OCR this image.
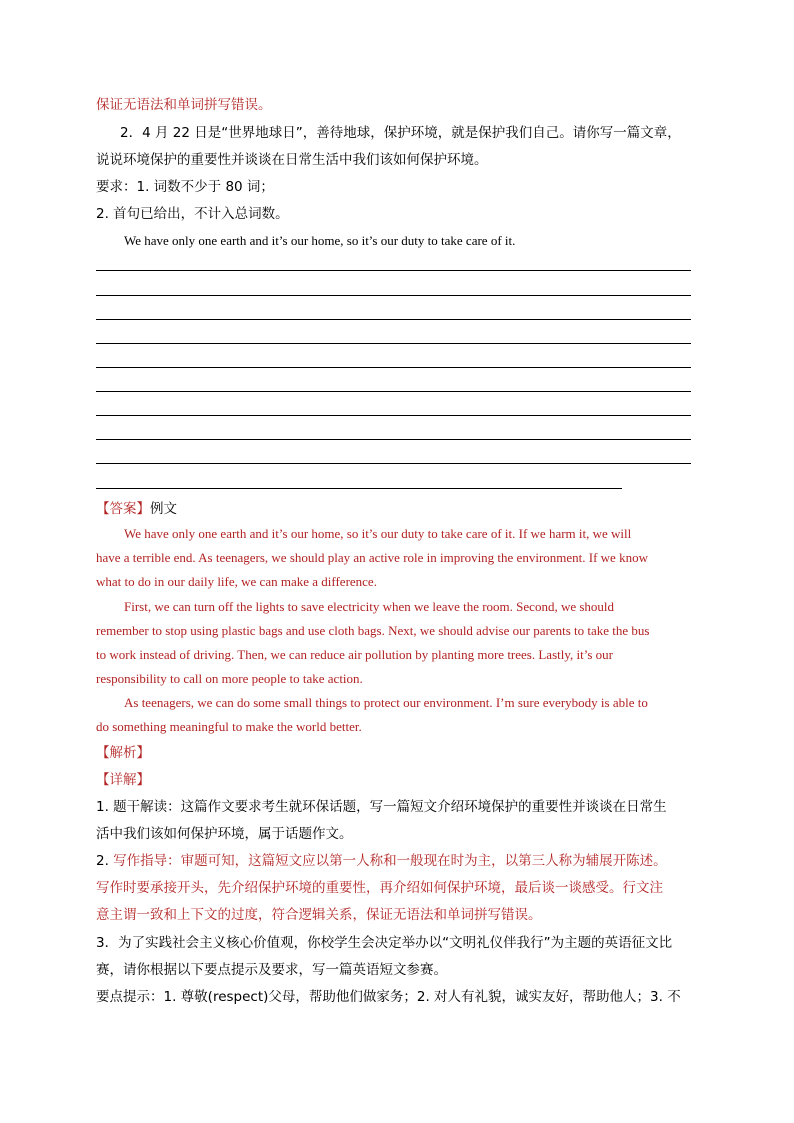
保证无语法和单词拼写错误。
2．4 月 22 日是“世界地球日”，善待地球，保护环境，就是保护我们自己。请你写一篇文章，
说说环境保护的重要性并谈谈在日常生活中我们该如何保护环境。
要求：1. 词数不少于 80 词；
2. 首句已给出，不计入总词数。
We have only one earth and it’s our home, so it’s our duty to take care of it.
【答案】例文
We have only one earth and it’s our home, so it’s our duty to take care of it. If we harm it, we will
have a terrible end. As teenagers, we should play an active role in improving the environment. If we know
what to do in our daily life, we can make a difference.
First, we can turn off the lights to save electricity when we leave the room. Second, we should
remember to stop using plastic bags and use cloth bags. Next, we should advise our parents to take the bus
to work instead of driving. Then, we can reduce air pollution by planting more trees. Lastly, it’s our
responsibility to call on more people to take action.
As teenagers, we can do some small things to protect our environment. I’m sure everybody is able to
do something meaningful to make the world better.
【解析】
【详解】
1. 题干解读：这篇作文要求考生就环保话题，写一篇短文介绍环境保护的重要性并谈谈在日常生
活中我们该如何保护环境，属于话题作文。
2. 写作指导：审题可知，这篇短文应以第一人称和一般现在时为主，以第三人称为辅展开陈述。
写作时要承接开头，先介绍保护环境的重要性，再介绍如何保护环境，最后谈一谈感受。行文注
意主谓一致和上下文的过度，符合逻辑关系，保证无语法和单词拼写错误。
3．为了实践社会主义核心价值观，你校学生会决定举办以“文明礼仪伴我行”为主题的英语征文比
赛，请你根据以下要点提示及要求，写一篇英语短文参赛。
要点提示：1. 尊敬(respect)父母，帮助他们做家务；2. 对人有礼貌，诚实友好，帮助他人；3. 不
